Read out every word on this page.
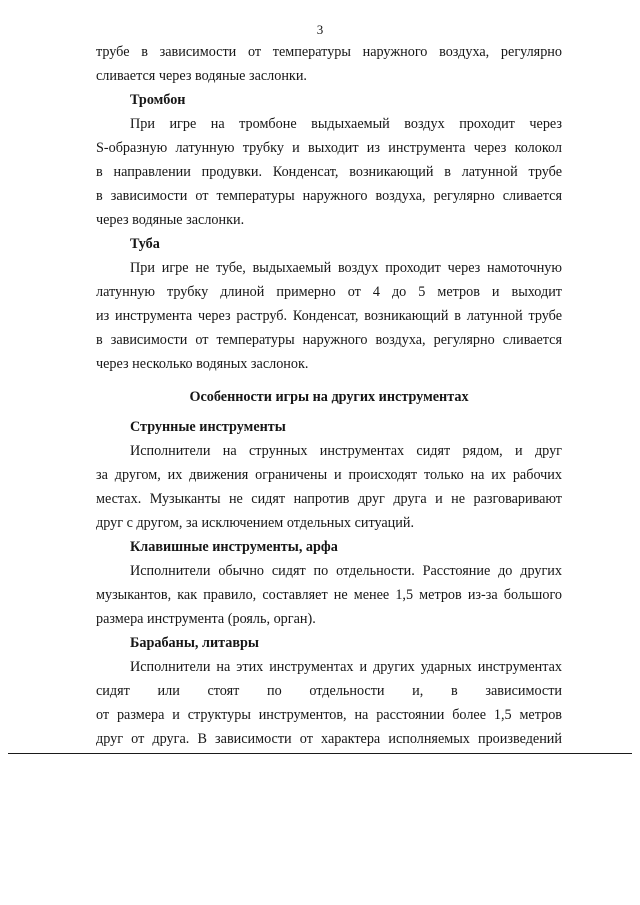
3
трубе в зависимости от температуры наружного воздуха, регулярно
сливается через водяные заслонки.
Тромбон
При игре на тромбоне выдыхаемый воздух проходит через
S-образную латунную трубку и выходит из инструмента через колокол
в направлении продувки. Конденсат, возникающий в латунной трубе
в зависимости от температуры наружного воздуха, регулярно сливается
через водяные заслонки.
Туба
При игре не тубе, выдыхаемый воздух проходит через намоточную
латунную трубку длиной примерно от 4 до 5 метров и выходит
из инструмента через раструб. Конденсат, возникающий в латунной трубе
в зависимости от температуры наружного воздуха, регулярно сливается
через несколько водяных заслонок.
Особенности игры на других инструментах
Струнные инструменты
Исполнители на струнных инструментах сидят рядом, и друг
за другом, их движения ограничены и происходят только на их рабочих
местах. Музыканты не сидят напротив друг друга и не разговаривают
друг с другом, за исключением отдельных ситуаций.
Клавишные инструменты, арфа
Исполнители обычно сидят по отдельности. Расстояние до других
музыкантов, как правило, составляет не менее 1,5 метров из-за большого
размера инструмента (рояль, орган).
Барабаны, литавры
Исполнители на этих инструментах и других ударных инструментах
сидят или стоят по отдельности и, в зависимости
от размера и структуры инструментов, на расстоянии более 1,5 метров
друг от друга. В зависимости от характера исполняемых произведений
